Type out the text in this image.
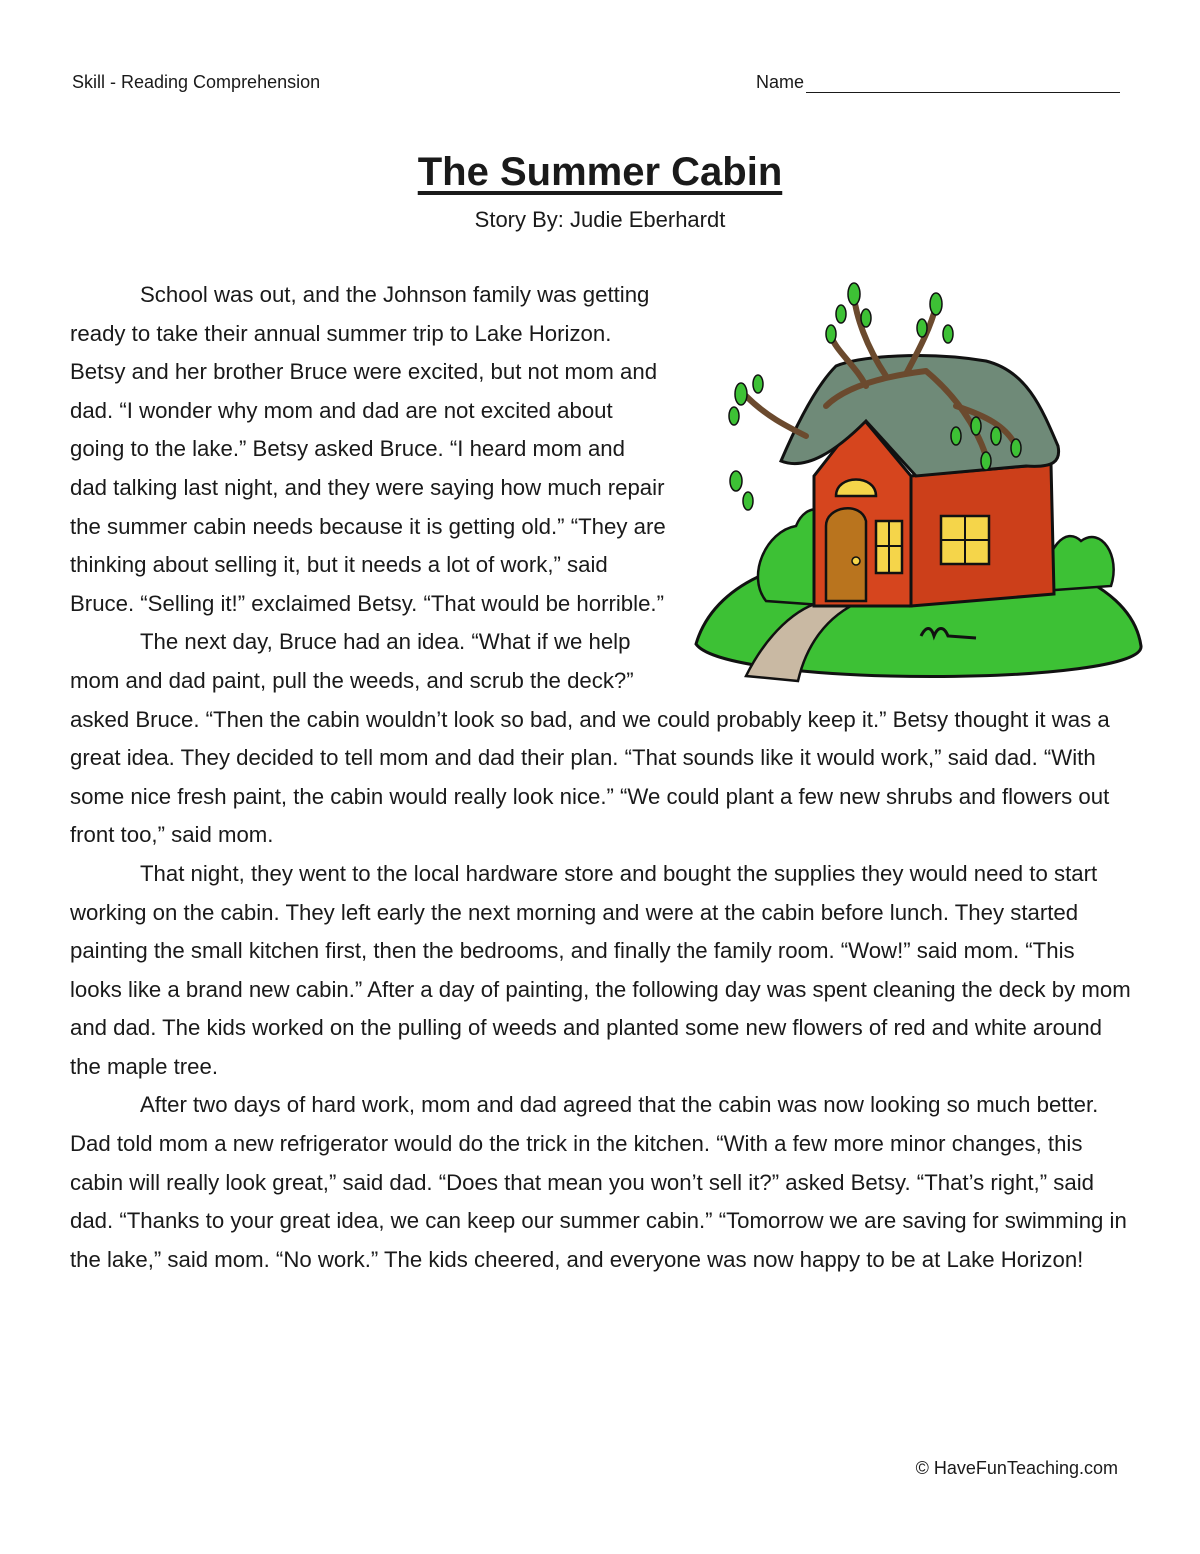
Skill - Reading Comprehension	Name
The Summer Cabin
Story By: Judie Eberhardt

School was out, and the Johnson family was getting ready to take their annual summer trip to Lake Horizon. Betsy and her brother Bruce were excited, but not mom and dad. “I wonder why mom and dad are not excited about going to the lake.” Betsy asked Bruce. “I heard mom and dad talking last night, and they were saying how much repair the summer cabin needs because it is getting old.” “They are thinking about selling it, but it needs a lot of work,” said Bruce. “Selling it!” exclaimed Betsy. “That would be horrible.”

The next day, Bruce had an idea. “What if we help mom and dad paint, pull the weeds, and scrub the deck?” asked Bruce. “Then the cabin wouldn’t look so bad, and we could probably keep it.” Betsy thought it was a great idea. They decided to tell mom and dad their plan. “That sounds like it would work,” said dad. “With some nice fresh paint, the cabin would really look nice.” “We could plant a few new shrubs and flowers out front too,” said mom.

That night, they went to the local hardware store and bought the supplies they would need to start working on the cabin. They left early the next morning and were at the cabin before lunch. They started painting the small kitchen first, then the bedrooms, and finally the family room. “Wow!” said mom. “This looks like a brand new cabin.” After a day of painting, the following day was spent cleaning the deck by mom and dad. The kids worked on the pulling of weeds and planted some new flowers of red and white around the maple tree.

After two days of hard work, mom and dad agreed that the cabin was now looking so much better. Dad told mom a new refrigerator would do the trick in the kitchen. “With a few more minor changes, this cabin will really look great,” said dad. “Does that mean you won’t sell it?” asked Betsy. “That’s right,” said dad. “Thanks to your great idea, we can keep our summer cabin.” “Tomorrow we are saving for swimming in the lake,” said mom. “No work.” The kids cheered, and everyone was now happy to be at Lake Horizon!

© HaveFunTeaching.com
